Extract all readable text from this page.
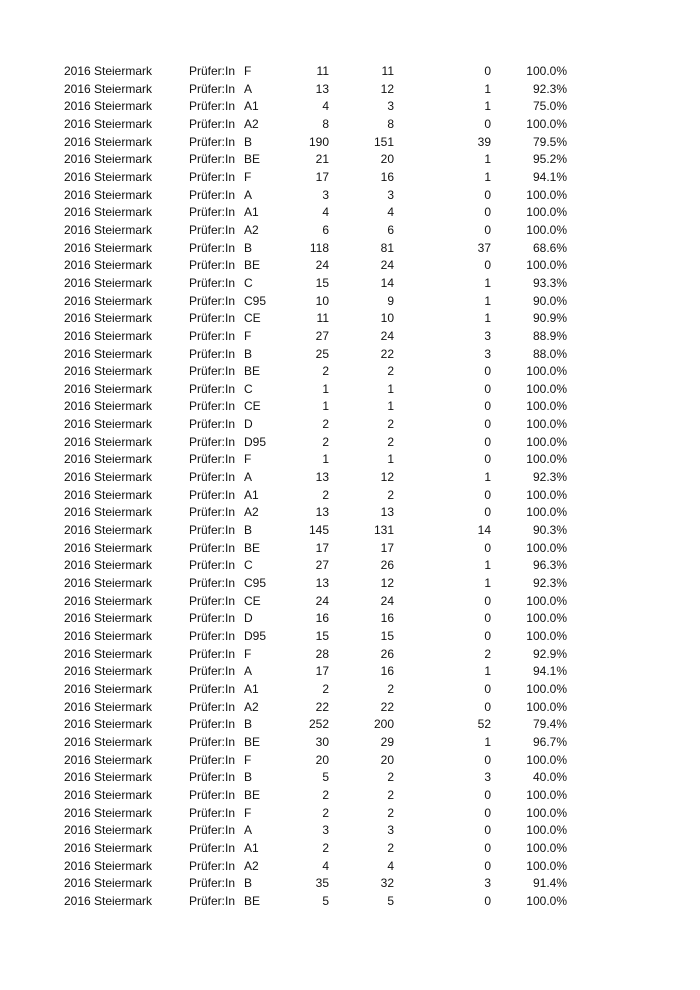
2016 Steiermark	Prüfer:In F	11	11	0	100.0%
2016 Steiermark	Prüfer:In A	13	12	1	92.3%
2016 Steiermark	Prüfer:In A1	4	3	1	75.0%
2016 Steiermark	Prüfer:In A2	8	8	0	100.0%
2016 Steiermark	Prüfer:In B	190	151	39	79.5%
2016 Steiermark	Prüfer:In BE	21	20	1	95.2%
2016 Steiermark	Prüfer:In F	17	16	1	94.1%
2016 Steiermark	Prüfer:In A	3	3	0	100.0%
2016 Steiermark	Prüfer:In A1	4	4	0	100.0%
2016 Steiermark	Prüfer:In A2	6	6	0	100.0%
2016 Steiermark	Prüfer:In B	118	81	37	68.6%
2016 Steiermark	Prüfer:In BE	24	24	0	100.0%
2016 Steiermark	Prüfer:In C	15	14	1	93.3%
2016 Steiermark	Prüfer:In C95	10	9	1	90.0%
2016 Steiermark	Prüfer:In CE	11	10	1	90.9%
2016 Steiermark	Prüfer:In F	27	24	3	88.9%
2016 Steiermark	Prüfer:In B	25	22	3	88.0%
2016 Steiermark	Prüfer:In BE	2	2	0	100.0%
2016 Steiermark	Prüfer:In C	1	1	0	100.0%
2016 Steiermark	Prüfer:In CE	1	1	0	100.0%
2016 Steiermark	Prüfer:In D	2	2	0	100.0%
2016 Steiermark	Prüfer:In D95	2	2	0	100.0%
2016 Steiermark	Prüfer:In F	1	1	0	100.0%
2016 Steiermark	Prüfer:In A	13	12	1	92.3%
2016 Steiermark	Prüfer:In A1	2	2	0	100.0%
2016 Steiermark	Prüfer:In A2	13	13	0	100.0%
2016 Steiermark	Prüfer:In B	145	131	14	90.3%
2016 Steiermark	Prüfer:In BE	17	17	0	100.0%
2016 Steiermark	Prüfer:In C	27	26	1	96.3%
2016 Steiermark	Prüfer:In C95	13	12	1	92.3%
2016 Steiermark	Prüfer:In CE	24	24	0	100.0%
2016 Steiermark	Prüfer:In D	16	16	0	100.0%
2016 Steiermark	Prüfer:In D95	15	15	0	100.0%
2016 Steiermark	Prüfer:In F	28	26	2	92.9%
2016 Steiermark	Prüfer:In A	17	16	1	94.1%
2016 Steiermark	Prüfer:In A1	2	2	0	100.0%
2016 Steiermark	Prüfer:In A2	22	22	0	100.0%
2016 Steiermark	Prüfer:In B	252	200	52	79.4%
2016 Steiermark	Prüfer:In BE	30	29	1	96.7%
2016 Steiermark	Prüfer:In F	20	20	0	100.0%
2016 Steiermark	Prüfer:In B	5	2	3	40.0%
2016 Steiermark	Prüfer:In BE	2	2	0	100.0%
2016 Steiermark	Prüfer:In F	2	2	0	100.0%
2016 Steiermark	Prüfer:In A	3	3	0	100.0%
2016 Steiermark	Prüfer:In A1	2	2	0	100.0%
2016 Steiermark	Prüfer:In A2	4	4	0	100.0%
2016 Steiermark	Prüfer:In B	35	32	3	91.4%
2016 Steiermark	Prüfer:In BE	5	5	0	100.0%
